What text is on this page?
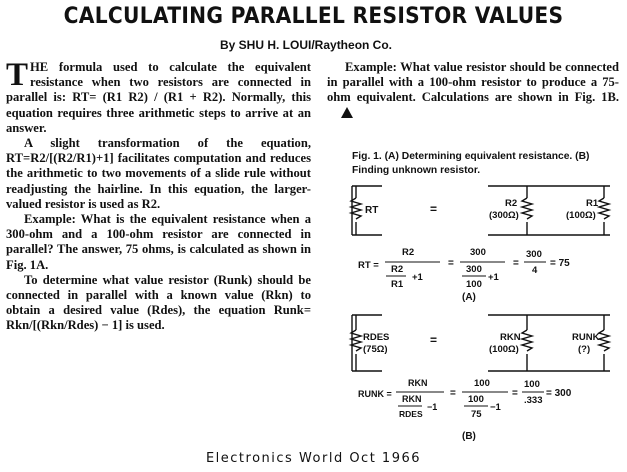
CALCULATING PARALLEL RESISTOR VALUES
By SHU H. LOUI/Raytheon Co.

THE formula used to calculate the equivalent resistance when two resistors are connected in parallel is: RT= (R1 R2) / (R1 + R2). Normally, this equation requires three arithmetic steps to arrive at an answer.

A slight transformation of the equation, RT=R2/[(R2/R1)+1] facilitates computation and reduces the arithmetic to two movements of a slide rule without readjusting the hairline. In this equation, the larger-valued resistor is used as R2.

Example: What is the equivalent resistance when a 300-ohm and a 100-ohm resistor are connected in parallel? The answer, 75 ohms, is calculated as shown in Fig. 1A.

To determine what value resistor (Runk) should be connected in parallel with a known value (Rkn) to obtain a desired value (Rdes), the equation Runk= Rkn/[(Rkn/Rdes) − 1] is used.

Example: What value resistor should be connected in parallel with a 100-ohm resistor to produce a 75-ohm equivalent. Calculations are shown in Fig. 1B.

Fig. 1. (A) Determining equivalent resistance. (B) Finding unknown resistor.
RT	=	R2
(300Ω)
R1
(100Ω)
RT =
R2
R2
R1
+1
=
300
300
100
+1
=
300
4
= 75
(A)
RDES
(75Ω)
=	RKN
(100Ω)
RUNK
(?)
RUNK =
RKN
RKN
RDES
−1
=
100
100
75
−1
=
100
.333
= 300
(B)
Electronics World Oct 1966
